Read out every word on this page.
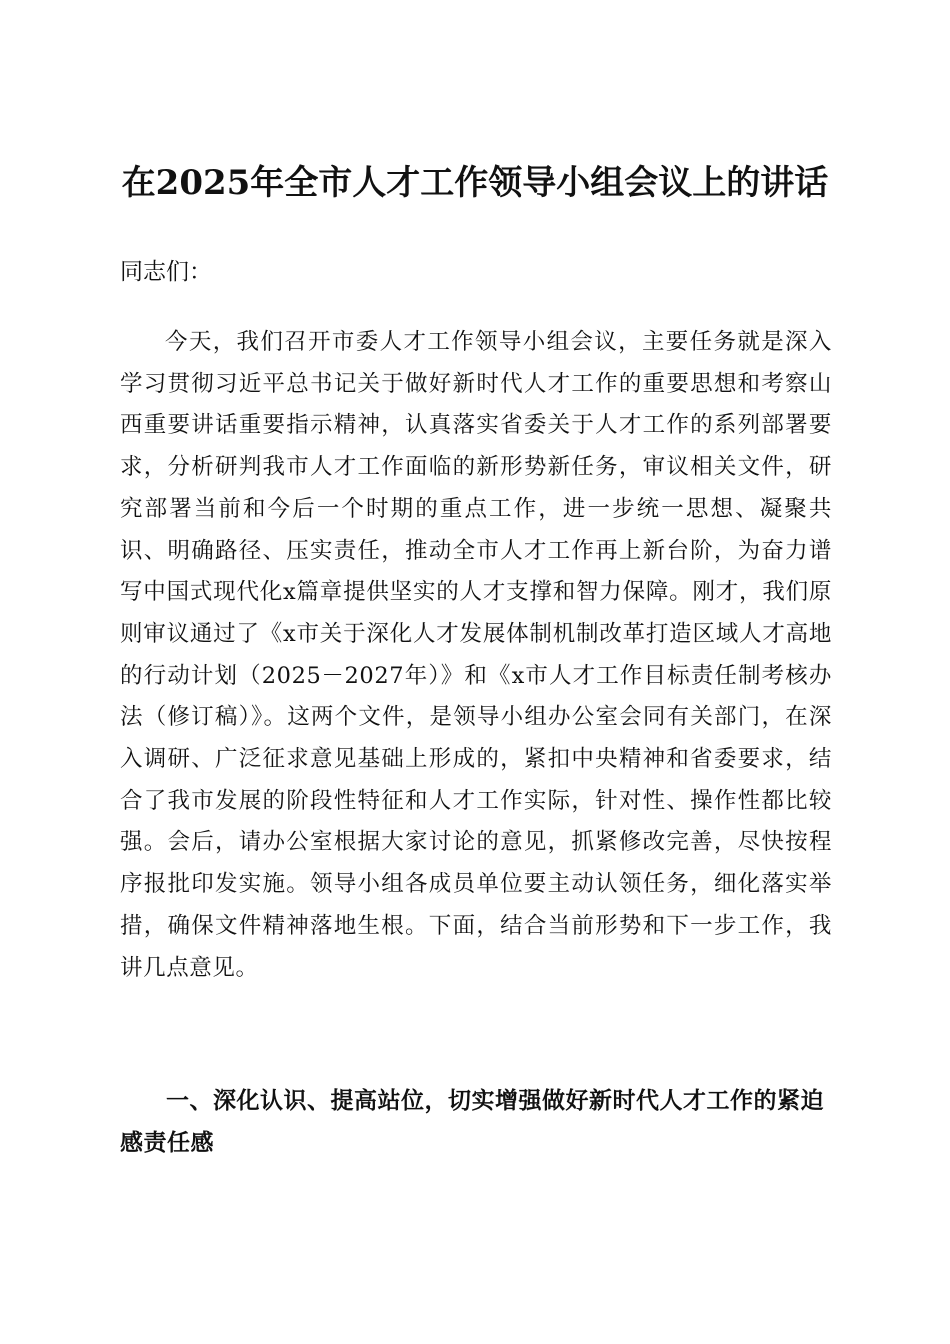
在2025年全市人才工作领导小组会议上的讲话
同志们：

今天，我们召开市委人才工作领导小组会议，主要任务就是深入学习贯彻习近平总书记关于做好新时代人才工作的重要思想和考察山西重要讲话重要指示精神，认真落实省委关于人才工作的系列部署要求，分析研判我市人才工作面临的新形势新任务，审议相关文件，研究部署当前和今后一个时期的重点工作，进一步统一思想、凝聚共识、明确路径、压实责任，推动全市人才工作再上新台阶，为奋力谱写中国式现代化x篇章提供坚实的人才支撑和智力保障。刚才，我们原则审议通过了《x市关于深化人才发展体制机制改革打造区域人才高地的行动计划（2025－2027年）》和《x市人才工作目标责任制考核办法（修订稿）》。这两个文件，是领导小组办公室会同有关部门，在深入调研、广泛征求意见基础上形成的，紧扣中央精神和省委要求，结合了我市发展的阶段性特征和人才工作实际，针对性、操作性都比较强。会后，请办公室根据大家讨论的意见，抓紧修改完善，尽快按程序报批印发实施。领导小组各成员单位要主动认领任务，细化落实举措，确保文件精神落地生根。下面，结合当前形势和下一步工作，我讲几点意见。

一、深化认识、提高站位，切实增强做好新时代人才工作的紧迫感责任感
